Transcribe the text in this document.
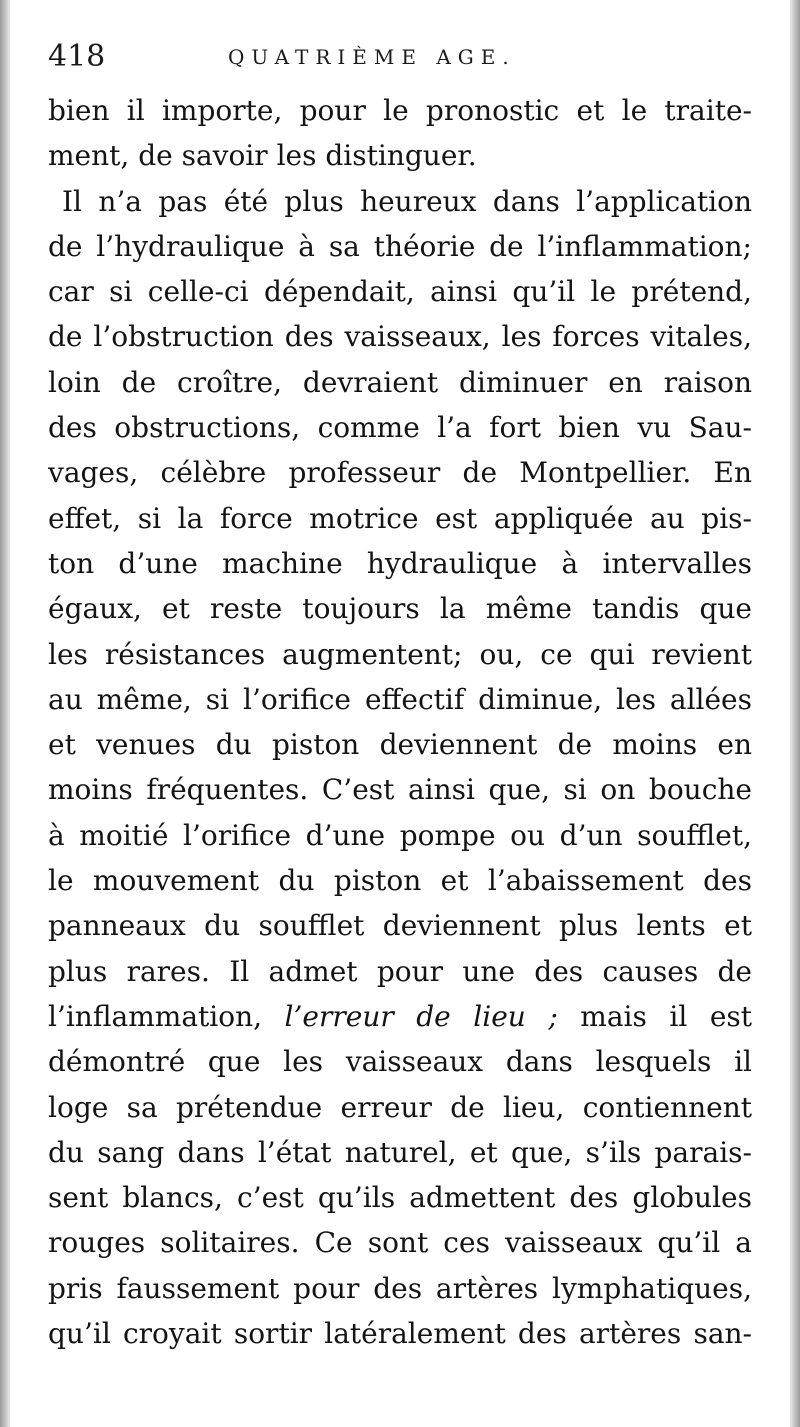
418	QUATRIÈME AGE.
bien il importe, pour le pronostic et le traite-
ment, de savoir les distinguer.
Il n’a pas été plus heureux dans l’application
de l’hydraulique à sa théorie de l’inflammation;
car si celle-ci dépendait, ainsi qu’il le prétend,
de l’obstruction des vaisseaux, les forces vitales,
loin de croître, devraient diminuer en raison
des obstructions, comme l’a fort bien vu Sau-
vages, célèbre professeur de Montpellier. En
effet, si la force motrice est appliquée au pis-
ton d’une machine hydraulique à intervalles
égaux, et reste toujours la même tandis que
les résistances augmentent; ou, ce qui revient
au même, si l’orifice effectif diminue, les allées
et venues du piston deviennent de moins en
moins fréquentes. C’est ainsi que, si on bouche
à moitié l’orifice d’une pompe ou d’un soufflet,
le mouvement du piston et l’abaissement des
panneaux du soufflet deviennent plus lents et
plus rares. Il admet pour une des causes de
l’inflammation, l’erreur de lieu ; mais il est
démontré que les vaisseaux dans lesquels il
loge sa prétendue erreur de lieu, contiennent
du sang dans l’état naturel, et que, s’ils parais-
sent blancs, c’est qu’ils admettent des globules
rouges solitaires. Ce sont ces vaisseaux qu’il a
pris faussement pour des artères lymphatiques,
qu’il croyait sortir latéralement des artères san-
